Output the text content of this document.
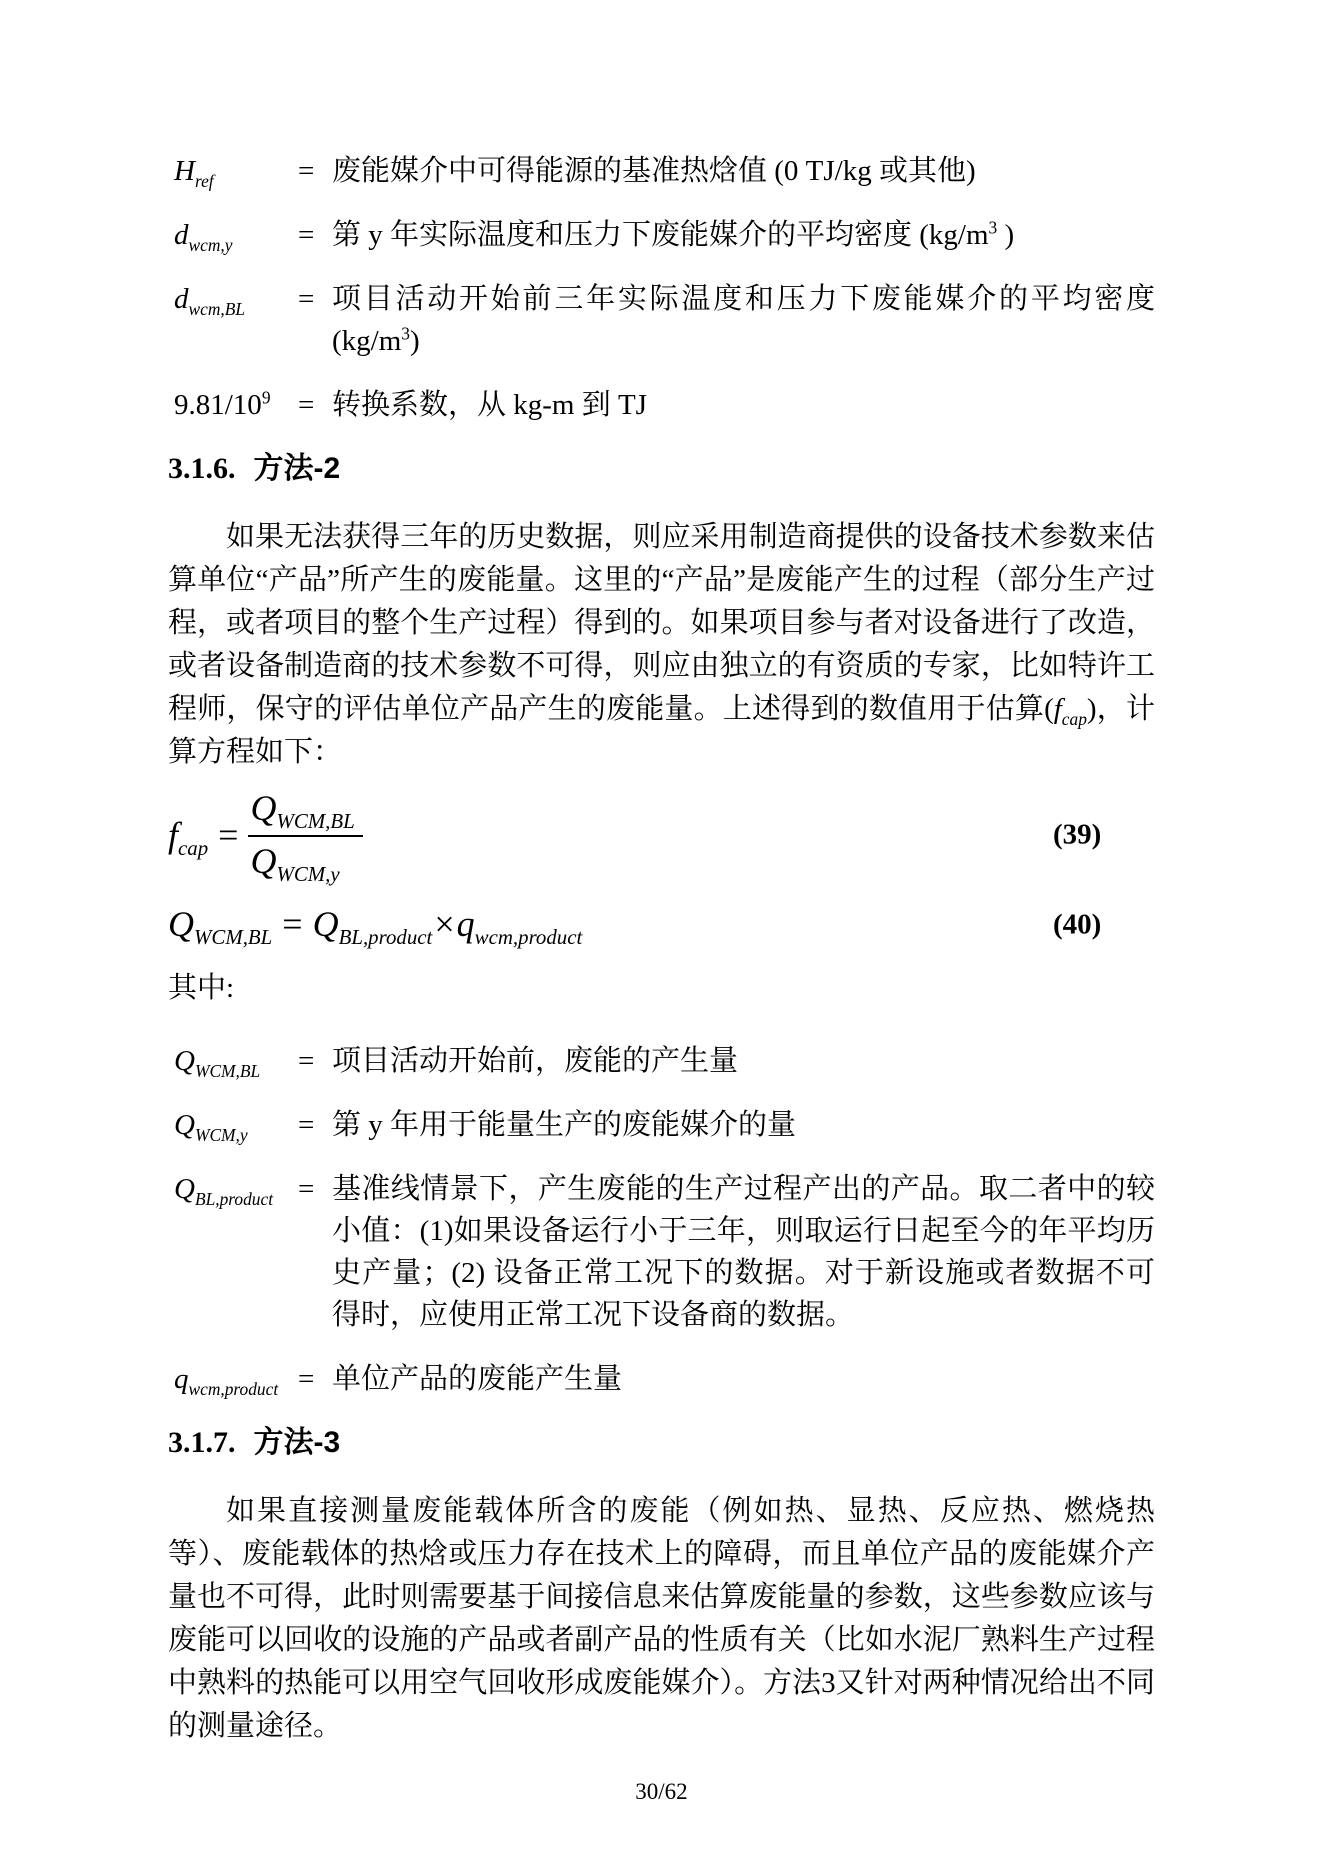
$H_{ref}$	= 废能媒介中可得能源的基准热焓值 (0 TJ/kg 或其他)
$d_{wcm,y}$	= 第 y 年实际温度和压力下废能媒介的平均密度 ($kg/m^3$ )
$d_{wcm,BL}$	= 项目活动开始前三年实际温度和压力下废能媒介的平均密度 $(kg/m^3)$
$9.81/10^9$ = 转换系数，从 kg-m 到 TJ
3.1.6. 方法-2

如果无法获得三年的历史数据，则应采用制造商提供的设备技术参数来估算单位“产品”所产生的废能量。这里的“产品”是废能产生的过程（部分生产过程，或者项目的整个生产过程）得到的。如果项目参与者对设备进行了改造，或者设备制造商的技术参数不可得，则应由独立的有资质的专家，比如特许工程师，保守的评估单位产品产生的废能量。上述得到的数值用于估算$(f_{cap})$，计算方程如下：

$f_{cap} = \frac{Q_{WCM,BL}}{Q_{WCM,y}}$	(39)
$Q_{WCM,BL} = Q_{BL,product} \times q_{wcm,product}$	(40)

其中:

$Q_{WCM,BL}$	= 项目活动开始前，废能的产生量
$Q_{WCM,y}$	= 第 y 年用于能量生产的废能媒介的量
$Q_{BL,product}$ = 基准线情景下，产生废能的生产过程产出的产品。取二者中的较小值：(1)如果设备运行小于三年，则取运行日起至今的年平均历史产量；(2) 设备正常工况下的数据。对于新设施或者数据不可得时，应使用正常工况下设备商的数据。
$q_{wcm,product}$ = 单位产品的废能产生量
3.1.7. 方法-3

如果直接测量废能载体所含的废能（例如热、显热、反应热、燃烧热等）、废能载体的热焓或压力存在技术上的障碍，而且单位产品的废能媒介产量也不可得，此时则需要基于间接信息来估算废能量的参数，这些参数应该与废能可以回收的设施的产品或者副产品的性质有关（比如水泥厂熟料生产过程中熟料的热能可以用空气回收形成废能媒介）。方法3又针对两种情况给出不同的测量途径。

30/62
